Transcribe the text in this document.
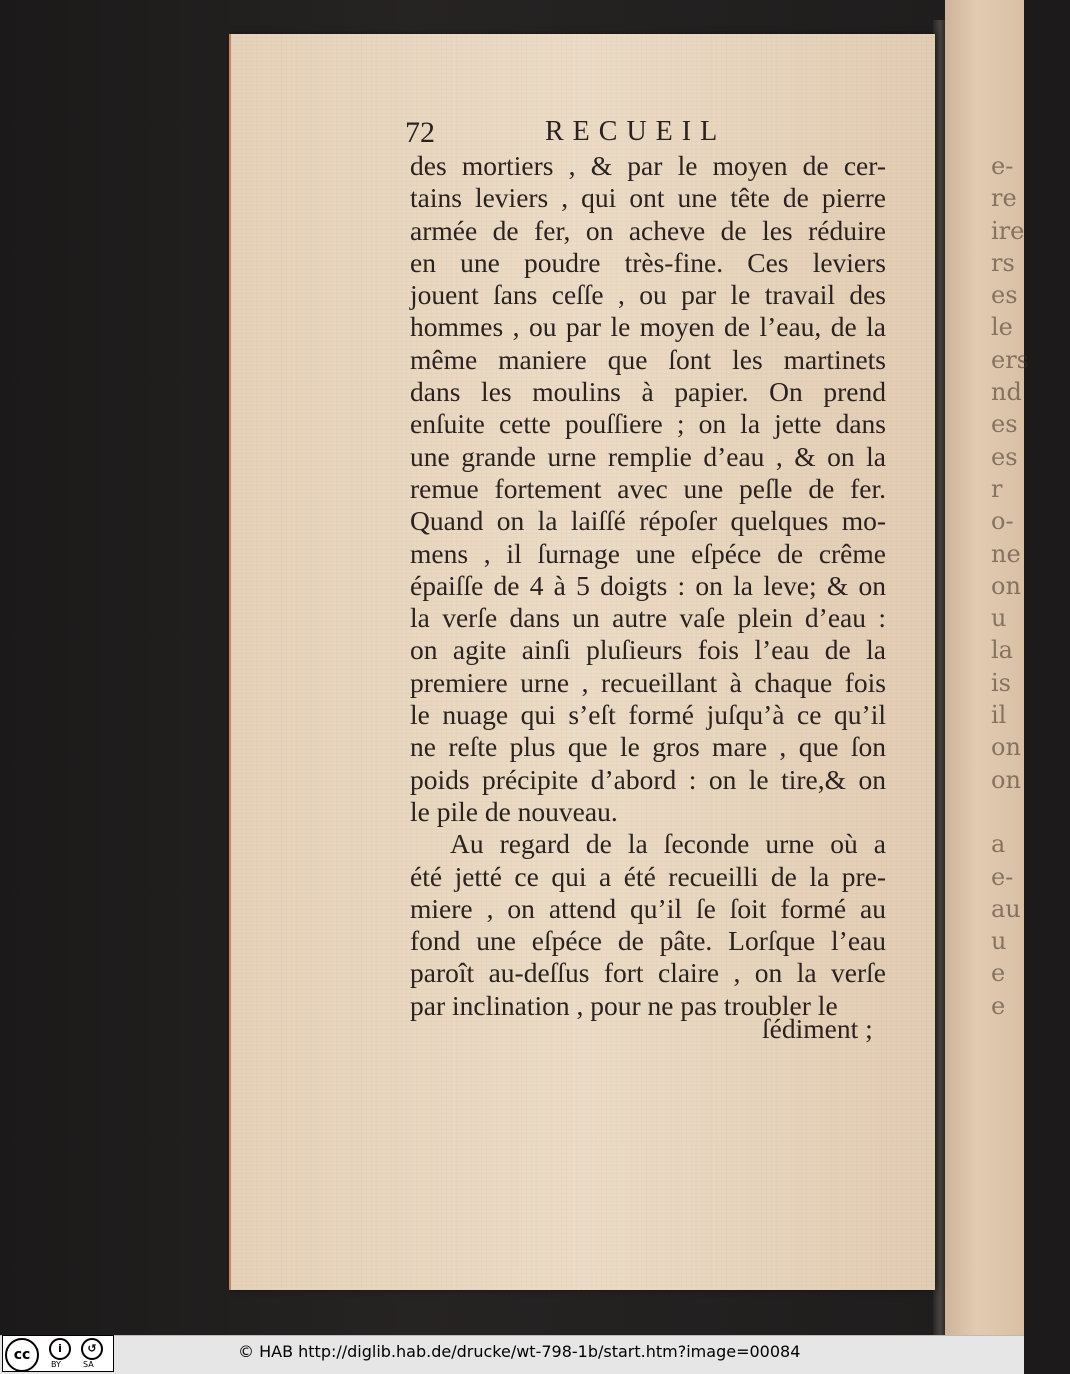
e-
re
ire
rs
es
le
ers
nd
es
es
r
o-
ne
on
u
la
is
il
on
on

a
e-
au
u
e
e
72	RECUEIL
des mortiers , & par le moyen de cer-
tains leviers , qui ont une tête de pierre
armée de fer, on acheve de les réduire
en une poudre très-fine. Ces leviers
jouent ſans ceſſe , ou par le travail des
hommes , ou par le moyen de l’eau, de la
même maniere que ſont les martinets
dans les moulins à papier. On prend
enſuite cette pouſſiere ; on la jette dans
une grande urne remplie d’eau , & on la
remue fortement avec une peſle de fer.
Quand on la laiſſé répoſer quelques mo-
mens , il ſurnage une eſpéce de crême
épaiſſe de 4 à 5 doigts : on la leve; & on
la verſe dans un autre vaſe plein d’eau :
on agite ainſi pluſieurs fois l’eau de la
premiere urne , recueillant à chaque fois
le nuage qui s’eſt formé juſqu’à ce qu’il
ne reſte plus que le gros mare , que ſon
poids précipite d’abord : on le tire,& on
le pile de nouveau.
Au regard de la ſeconde urne où a
été jetté ce qui a été recueilli de la pre-
miere , on attend qu’il ſe ſoit formé au
fond une eſpéce de pâte. Lorſque l’eau
paroît au-deſſus fort claire , on la verſe
par inclination , pour ne pas troubler le
ſédiment ;
cc	i	↺
BY	SA
© HAB http://diglib.hab.de/drucke/wt-798-1b/start.htm?image=00084
